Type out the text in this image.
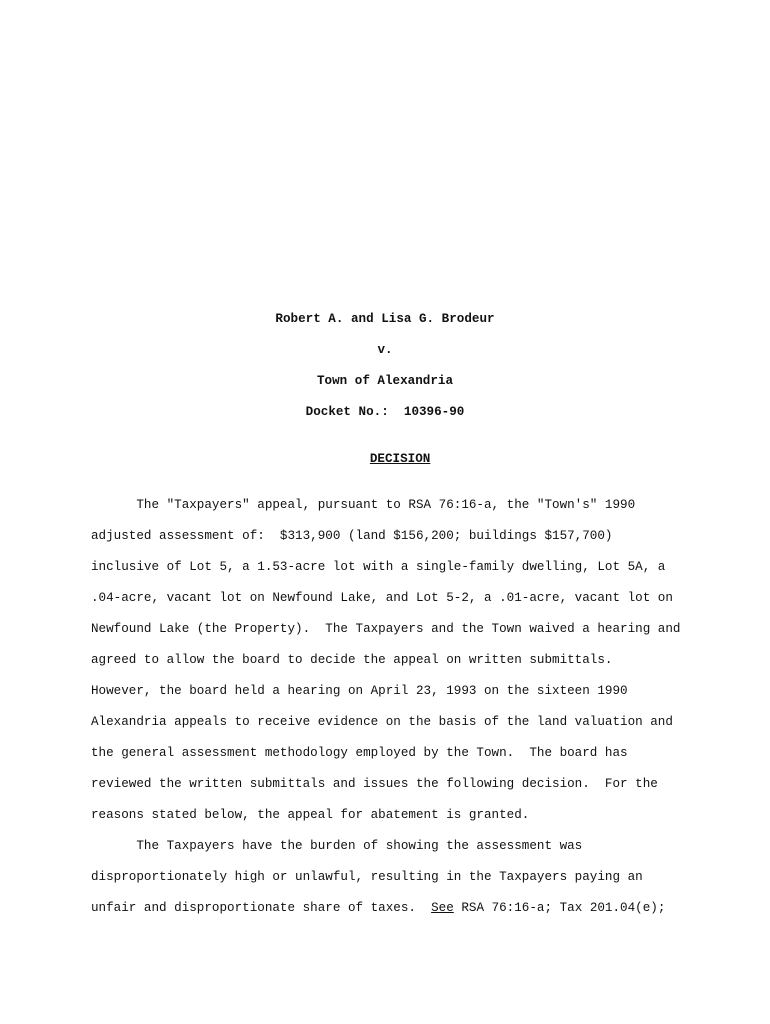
Robert A. and Lisa G. Brodeur
v.
Town of Alexandria
Docket No.:  10396-90

DECISION

The "Taxpayers" appeal, pursuant to RSA 76:16-a, the "Town's" 1990
adjusted assessment of:  $313,900 (land $156,200; buildings $157,700)
inclusive of Lot 5, a 1.53-acre lot with a single-family dwelling, Lot 5A, a
.04-acre, vacant lot on Newfound Lake, and Lot 5-2, a .01-acre, vacant lot on
Newfound Lake (the Property).  The Taxpayers and the Town waived a hearing and
agreed to allow the board to decide the appeal on written submittals.
However, the board held a hearing on April 23, 1993 on the sixteen 1990
Alexandria appeals to receive evidence on the basis of the land valuation and
the general assessment methodology employed by the Town.  The board has
reviewed the written submittals and issues the following decision.  For the
reasons stated below, the appeal for abatement is granted.
The Taxpayers have the burden of showing the assessment was
disproportionately high or unlawful, resulting in the Taxpayers paying an
unfair and disproportionate share of taxes.  See RSA 76:16-a; Tax 201.04(e);
